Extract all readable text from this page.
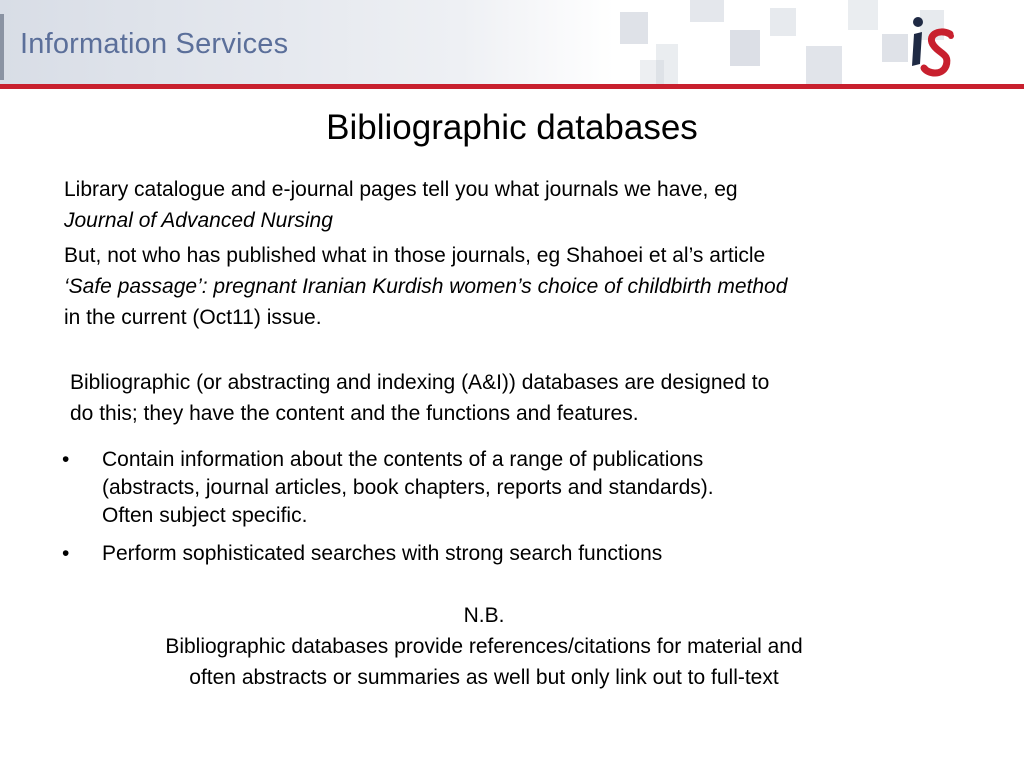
Information Services
Bibliographic databases
Library catalogue and e-journal pages tell you what journals we have, eg
Journal of Advanced Nursing
But, not who has published what in those journals, eg Shahoei et al’s article
‘Safe passage’: pregnant Iranian Kurdish women’s choice of childbirth method
in the current (Oct11) issue.
Bibliographic (or abstracting and indexing (A&I)) databases are designed to
do this; they have the content and the functions and features.
• Contain information about the contents of a range of publications
(abstracts, journal articles, book chapters, reports and standards).
Often subject specific.
• Perform sophisticated searches with strong search functions
N.B.
Bibliographic databases provide references/citations for material and
often abstracts or summaries as well but only link out to full-text
